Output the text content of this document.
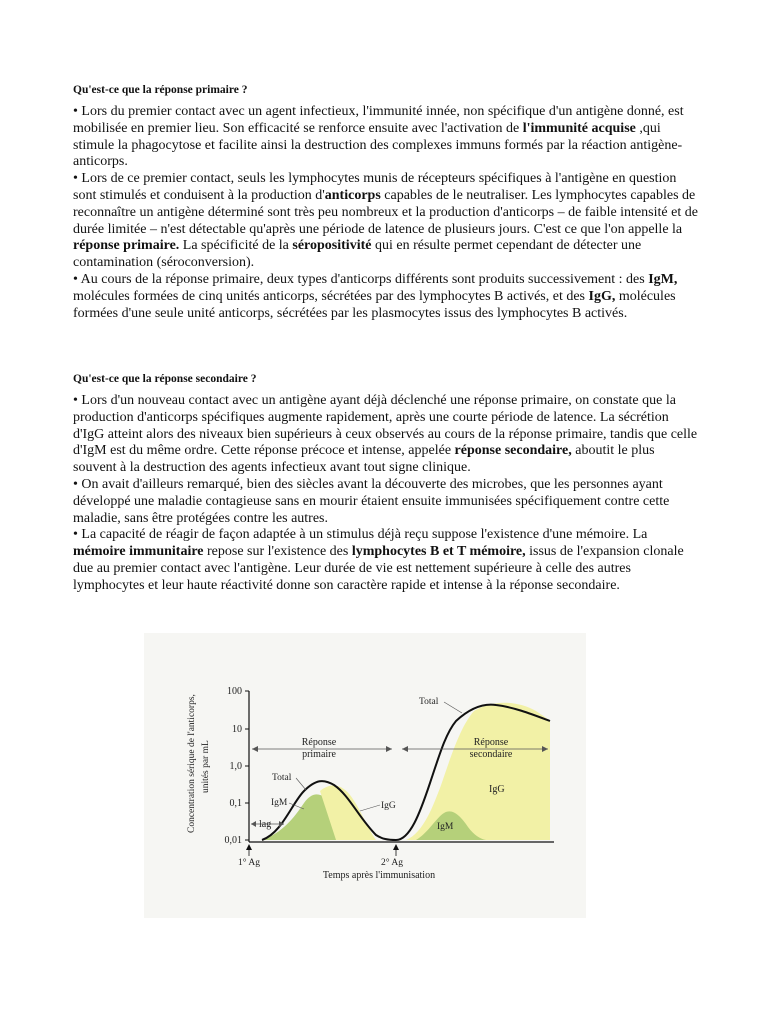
Qu'est-ce que la réponse primaire ?

• Lors du premier contact avec un agent infectieux, l'immunité innée, non spécifique d'un antigène donné, est mobilisée en premier lieu. Son efficacité se renforce ensuite avec l'activation de l'immunité acquise ,qui stimule la phagocytose et facilite ainsi la destruction des complexes immuns formés par la réaction antigène-anticorps.

• Lors de ce premier contact, seuls les lymphocytes munis de récepteurs spécifiques à l'antigène en question sont stimulés et conduisent à la production d'anticorps capables de le neutraliser. Les lymphocytes capables de reconnaître un antigène déterminé sont très peu nombreux et la production d'anticorps – de faible intensité et de durée limitée – n'est détectable qu'après une période de latence de plusieurs jours. C'est ce que l'on appelle la réponse primaire. La spécificité de la séropositivité qui en résulte permet cependant de détecter une contamination (séroconversion).

• Au cours de la réponse primaire, deux types d'anticorps différents sont produits successivement : des IgM, molécules formées de cinq unités anticorps, sécrétées par des lymphocytes B activés, et des IgG, molécules formées d'une seule unité anticorps, sécrétées par les plasmocytes issus des lymphocytes B activés.

Qu'est-ce que la réponse secondaire ?

• Lors d'un nouveau contact avec un antigène ayant déjà déclenché une réponse primaire, on constate que la production d'anticorps spécifiques augmente rapidement, après une courte période de latence. La sécrétion d'IgG atteint alors des niveaux bien supérieurs à ceux observés au cours de la réponse primaire, tandis que celle d'IgM est du même ordre. Cette réponse précoce et intense, appelée réponse secondaire, aboutit le plus souvent à la destruction des agents infectieux avant tout signe clinique.

• On avait d'ailleurs remarqué, bien des siècles avant la découverte des microbes, que les personnes ayant développé une maladie contagieuse sans en mourir étaient ensuite immunisées spécifiquement contre cette maladie, sans être protégées contre les autres.

• La capacité de réagir de façon adaptée à un stimulus déjà reçu suppose l'existence d'une mémoire. La mémoire immunitaire repose sur l'existence des lymphocytes B et T mémoire, issus de l'expansion clonale due au premier contact avec l'antigène. Leur durée de vie est nettement supérieure à celle des autres lymphocytes et leur haute réactivité donne son caractère rapide et intense à la réponse secondaire.

100
10
1,0
0,1
0,01
Concentration sérique de l'anticorps, unités par mL	Réponse
primaire
Réponse
secondaire
lag
Total
IgM	IgG
Total
IgG
IgM
1° Ag	2° Ag
Temps après l'immunisation
